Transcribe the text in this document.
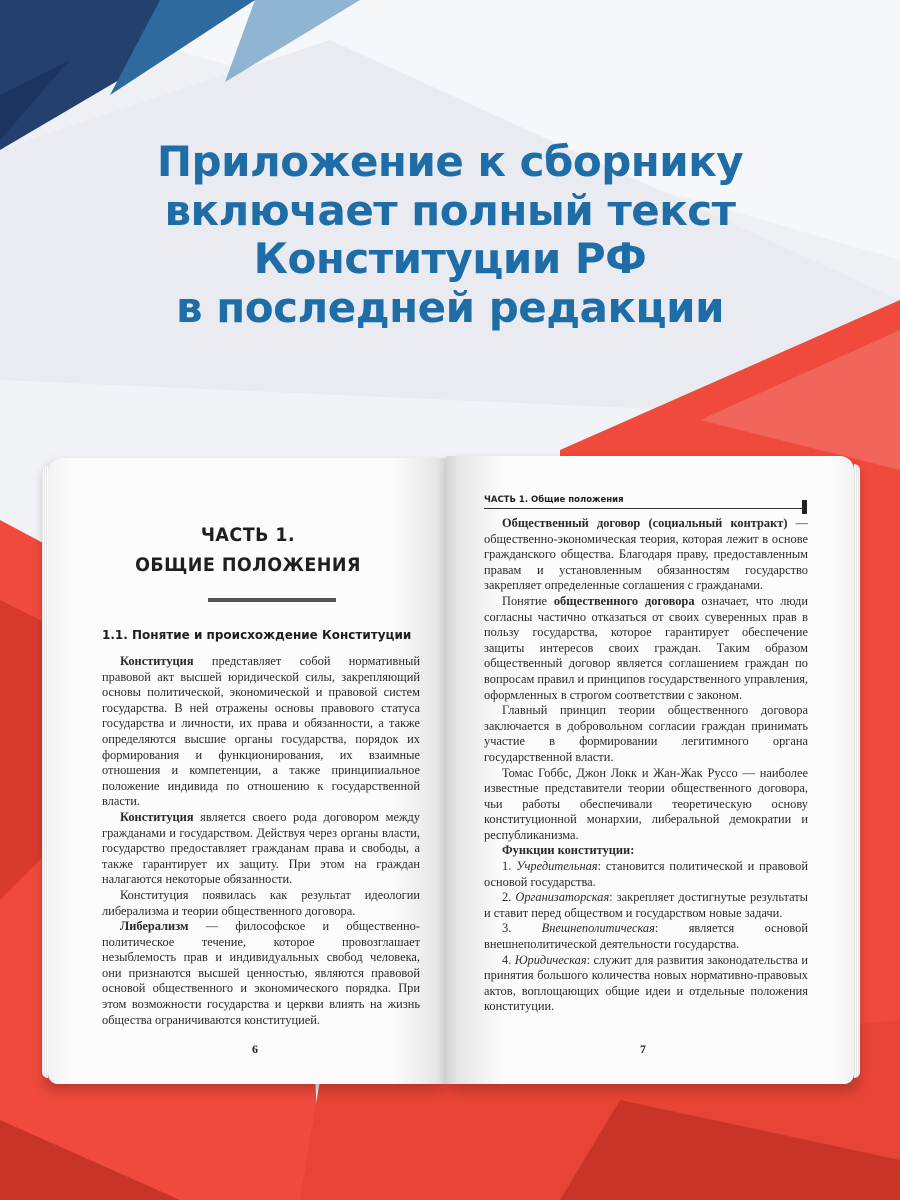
Приложение к сборнику
включает полный текст
Конституции РФ
в последней редакции
ЧАСТЬ 1.
ОБЩИЕ ПОЛОЖЕНИЯ
1.1. Понятие и происхождение Конституции

Конституция представляет собой нормативный правовой акт высшей юридической силы, закрепляющий основы политической, экономической и правовой систем государства. В ней отражены основы правового статуса государства и личности, их права и обязанности, а также определяются высшие органы государства, порядок их формирования и функционирования, их взаимные отношения и компетенции, а также принципиальное положение индивида по отношению к государственной власти.

Конституция является своего рода договором между гражданами и государством. Действуя через органы власти, государство предоставляет гражданам права и свободы, а также гарантирует их защиту. При этом на граждан налагаются некоторые обязанности.

Конституция появилась как результат идеологии либерализма и теории общественного договора.

Либерализм — философское и общественно-политическое течение, которое провозглашает незыблемость прав и индивидуальных свобод человека, они признаются высшей ценностью, являются правовой основой общественного и экономического порядка. При этом возможности государства и церкви влиять на жизнь общества ограничиваются конституцией.

6
ЧАСТЬ 1. Общие положения

Общественный договор (социальный контракт) — общественно-экономическая теория, которая лежит в основе гражданского общества. Благодаря праву, предоставленным правам и установленным обязанностям государство закрепляет определенные соглашения с гражданами.

Понятие общественного договора означает, что люди согласны частично отказаться от своих суверенных прав в пользу государства, которое гарантирует обеспечение защиты интересов своих граждан. Таким образом общественный договор является соглашением граждан по вопросам правил и принципов государственного управления, оформленных в строгом соответствии с законом.

Главный принцип теории общественного договора заключается в добровольном согласии граждан принимать участие в формировании легитимного органа государственной власти.

Томас Гоббс, Джон Локк и Жан-Жак Руссо — наиболее известные представители теории общественного договора, чьи работы обеспечивали теоретическую основу конституционной монархии, либеральной демократии и республиканизма.

Функции конституции:

1. Учредительная: становится политической и правовой основой государства.

2. Организаторская: закрепляет достигнутые результаты и ставит перед обществом и государством новые задачи.

3. Внешнеполитическая: является основой внешнеполитической деятельности государства.

4. Юридическая: служит для развития законодательства и принятия большого количества новых нормативно-правовых актов, воплощающих общие идеи и отдельные положения конституции.

7
